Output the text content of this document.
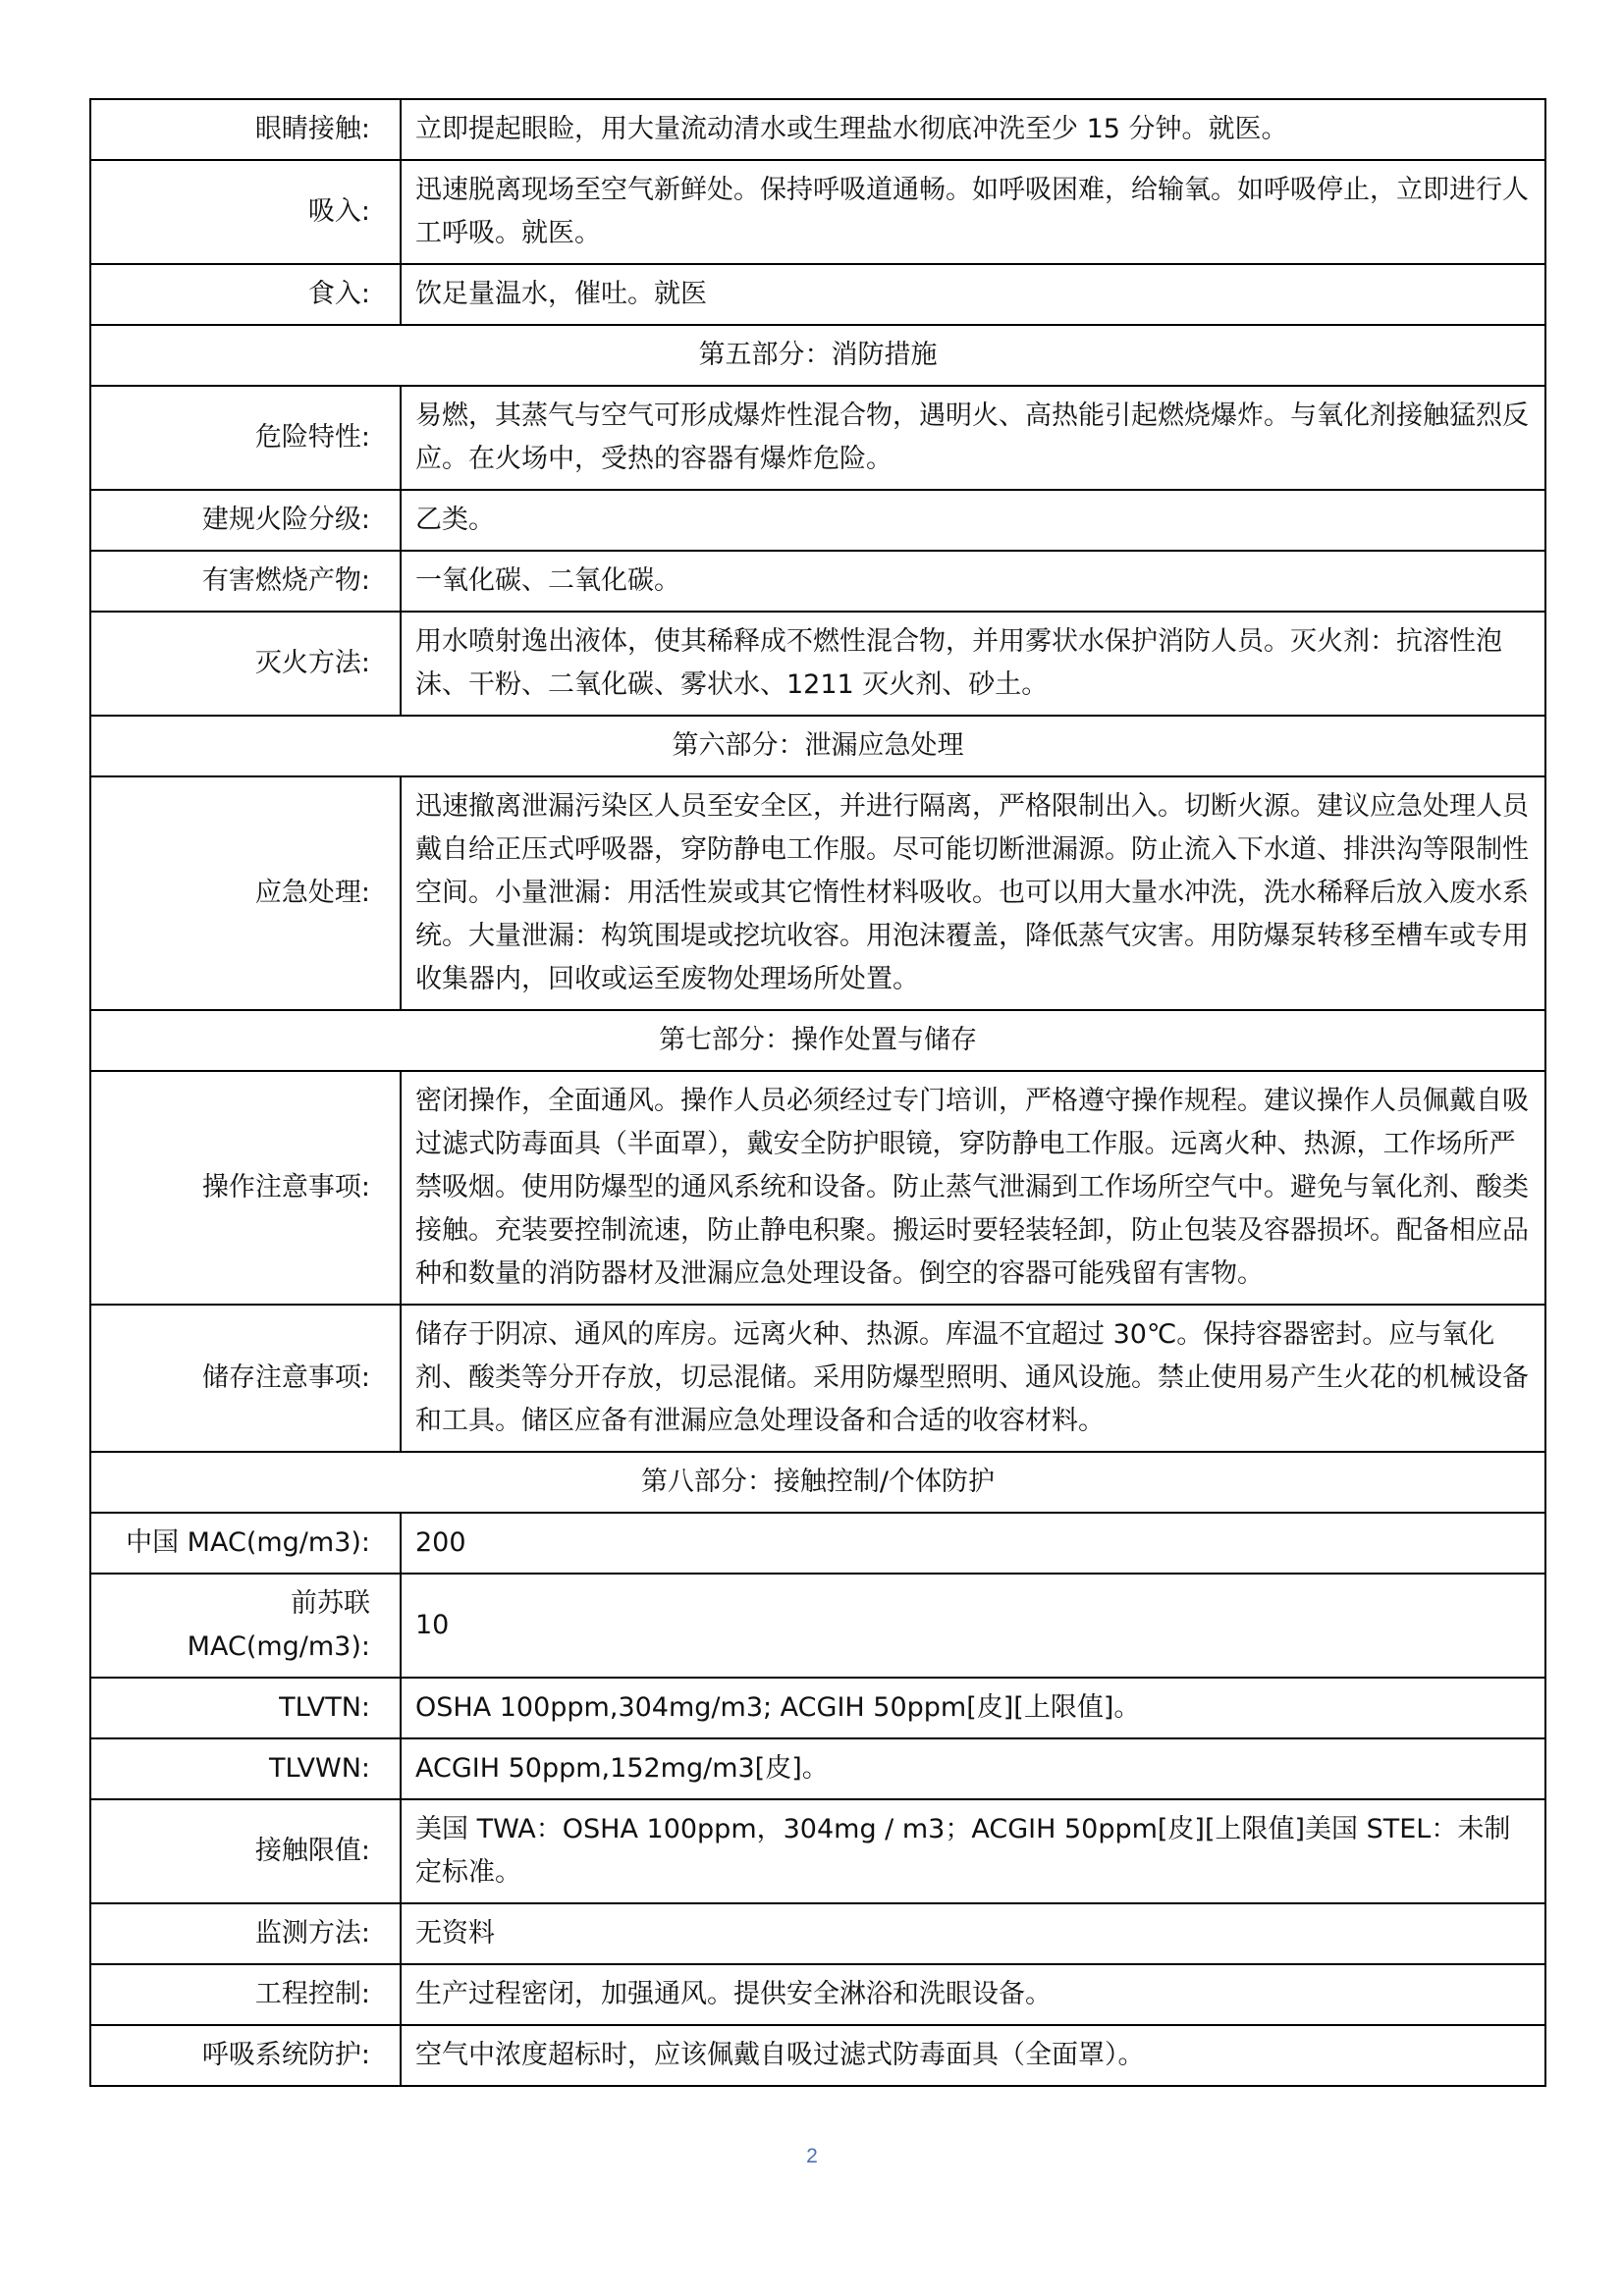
眼睛接触:	立即提起眼睑，用大量流动清水或生理盐水彻底冲洗至少 15 分钟。就医。
吸入:	迅速脱离现场至空气新鲜处。保持呼吸道通畅。如呼吸困难，给输氧。如呼吸停止，立即进行人工呼吸。就医。
食入:	饮足量温水，催吐。就医
第五部分：消防措施	
危险特性:	易燃，其蒸气与空气可形成爆炸性混合物，遇明火、高热能引起燃烧爆炸。与氧化剂接触猛烈反应。在火场中，受热的容器有爆炸危险。
建规火险分级:	乙类。
有害燃烧产物:	一氧化碳、二氧化碳。
灭火方法:	用水喷射逸出液体，使其稀释成不燃性混合物，并用雾状水保护消防人员。灭火剂：抗溶性泡沫、干粉、二氧化碳、雾状水、1211 灭火剂、砂土。
第六部分：泄漏应急处理	
应急处理:	迅速撤离泄漏污染区人员至安全区，并进行隔离，严格限制出入。切断火源。建议应急处理人员戴自给正压式呼吸器，穿防静电工作服。尽可能切断泄漏源。防止流入下水道、排洪沟等限制性空间。小量泄漏：用活性炭或其它惰性材料吸收。也可以用大量水冲洗，洗水稀释后放入废水系统。大量泄漏：构筑围堤或挖坑收容。用泡沫覆盖，降低蒸气灾害。用防爆泵转移至槽车或专用收集器内，回收或运至废物处理场所处置。
第七部分：操作处置与储存	
操作注意事项:	密闭操作，全面通风。操作人员必须经过专门培训，严格遵守操作规程。建议操作人员佩戴自吸过滤式防毒面具（半面罩），戴安全防护眼镜，穿防静电工作服。远离火种、热源，工作场所严禁吸烟。使用防爆型的通风系统和设备。防止蒸气泄漏到工作场所空气中。避免与氧化剂、酸类接触。充装要控制流速，防止静电积聚。搬运时要轻装轻卸，防止包装及容器损坏。配备相应品种和数量的消防器材及泄漏应急处理设备。倒空的容器可能残留有害物。
储存注意事项:	储存于阴凉、通风的库房。远离火种、热源。库温不宜超过 30℃。保持容器密封。应与氧化剂、酸类等分开存放，切忌混储。采用防爆型照明、通风设施。禁止使用易产生火花的机械设备和工具。储区应备有泄漏应急处理设备和合适的收容材料。
第八部分：接触控制/个体防护	
中国 MAC(mg/m3):	200
前苏联 MAC(mg/m3):	10
TLVTN:	OSHA 100ppm,304mg/m3; ACGIH 50ppm[皮][上限值]。
TLVWN:	ACGIH 50ppm,152mg/m3[皮]。
接触限值:	美国 TWA：OSHA 100ppm，304mg / m3；ACGIH 50ppm[皮][上限值]美国 STEL：未制定标准。
监测方法:	无资料
工程控制:	生产过程密闭，加强通风。提供安全淋浴和洗眼设备。
呼吸系统防护:	空气中浓度超标时，应该佩戴自吸过滤式防毒面具（全面罩）。
2
